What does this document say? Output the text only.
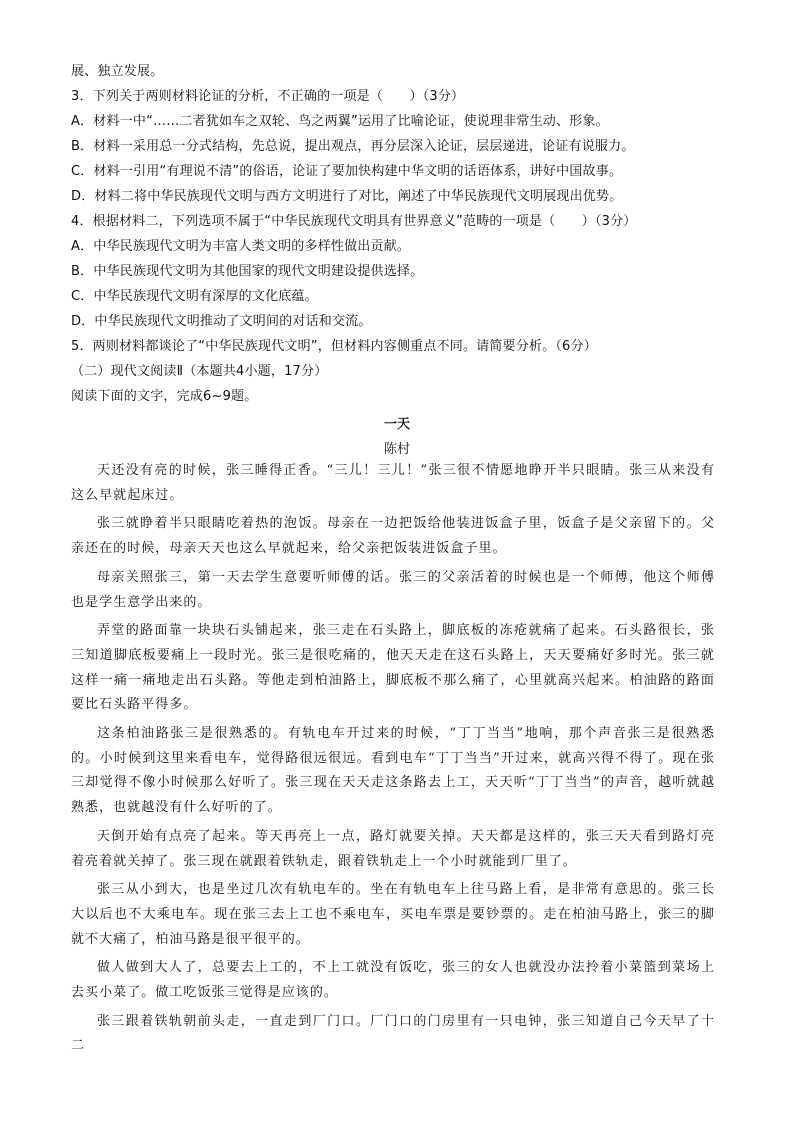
展、独立发展。
3．下列关于两则材料论证的分析，不正确的一项是（　　）（3分）
A．材料一中“……二者犹如车之双轮、鸟之两翼”运用了比喻论证，使说理非常生动、形象。
B．材料一采用总一分式结构，先总说，提出观点，再分层深入论证，层层递进，论证有说服力。
C．材料一引用“有理说不清”的俗语，论证了要加快构建中华文明的话语体系，讲好中国故事。
D．材料二将中华民族现代文明与西方文明进行了对比，阐述了中华民族现代文明展现出优势。
4．根据材料二，下列选项不属于“中华民族现代文明具有世界意义”范畴的一项是（　　）（3分）
A．中华民族现代文明为丰富人类文明的多样性做出贡献。
B．中华民族现代文明为其他国家的现代文明建设提供选择。
C．中华民族现代文明有深厚的文化底蕴。
D．中华民族现代文明推动了文明间的对话和交流。
5．两则材料都谈论了“中华民族现代文明”，但材料内容侧重点不同。请简要分析。（6分）
（二）现代文阅读Ⅱ（本题共4小题，17分）
阅读下面的文字，完成6~9题。
一天
陈村

天还没有亮的时候，张三睡得正香。“三儿！三儿！”张三很不情愿地睁开半只眼睛。张三从来没有这么早就起床过。

张三就睁着半只眼睛吃着热的泡饭。母亲在一边把饭给他装进饭盒子里，饭盒子是父亲留下的。父亲还在的时候，母亲天天也这么早就起来，给父亲把饭装进饭盒子里。

母亲关照张三，第一天去学生意要听师傅的话。张三的父亲活着的时候也是一个师傅，他这个师傅也是学生意学出来的。

弄堂的路面靠一块块石头铺起来，张三走在石头路上，脚底板的冻疮就痛了起来。石头路很长，张三知道脚底板要痛上一段时光。张三是很吃痛的，他天天走在这石头路上，天天要痛好多时光。张三就这样一痛一痛地走出石头路。等他走到柏油路上，脚底板不那么痛了，心里就高兴起来。柏油路的路面要比石头路平得多。

这条柏油路张三是很熟悉的。有轨电车开过来的时候，“丁丁当当”地响，那个声音张三是很熟悉的。小时候到这里来看电车，觉得路很远很远。看到电车“丁丁当当”开过来，就高兴得不得了。现在张三却觉得不像小时候那么好听了。张三现在天天走这条路去上工，天天听“丁丁当当”的声音，越听就越熟悉，也就越没有什么好听的了。

天倒开始有点亮了起来。等天再亮上一点，路灯就要关掉。天天都是这样的，张三天天看到路灯亮着亮着就关掉了。张三现在就跟着铁轨走，跟着铁轨走上一个小时就能到厂里了。

张三从小到大，也是坐过几次有轨电车的。坐在有轨电车上往马路上看，是非常有意思的。张三长大以后也不大乘电车。现在张三去上工也不乘电车，买电车票是要钞票的。走在柏油马路上，张三的脚就不大痛了，柏油马路是很平很平的。

做人做到大人了，总要去上工的，不上工就没有饭吃，张三的女人也就没办法拎着小菜篮到菜场上去买小菜了。做工吃饭张三觉得是应该的。

张三跟着铁轨朝前头走，一直走到厂门口。厂门口的门房里有一只电钟，张三知道自己今天早了十二
